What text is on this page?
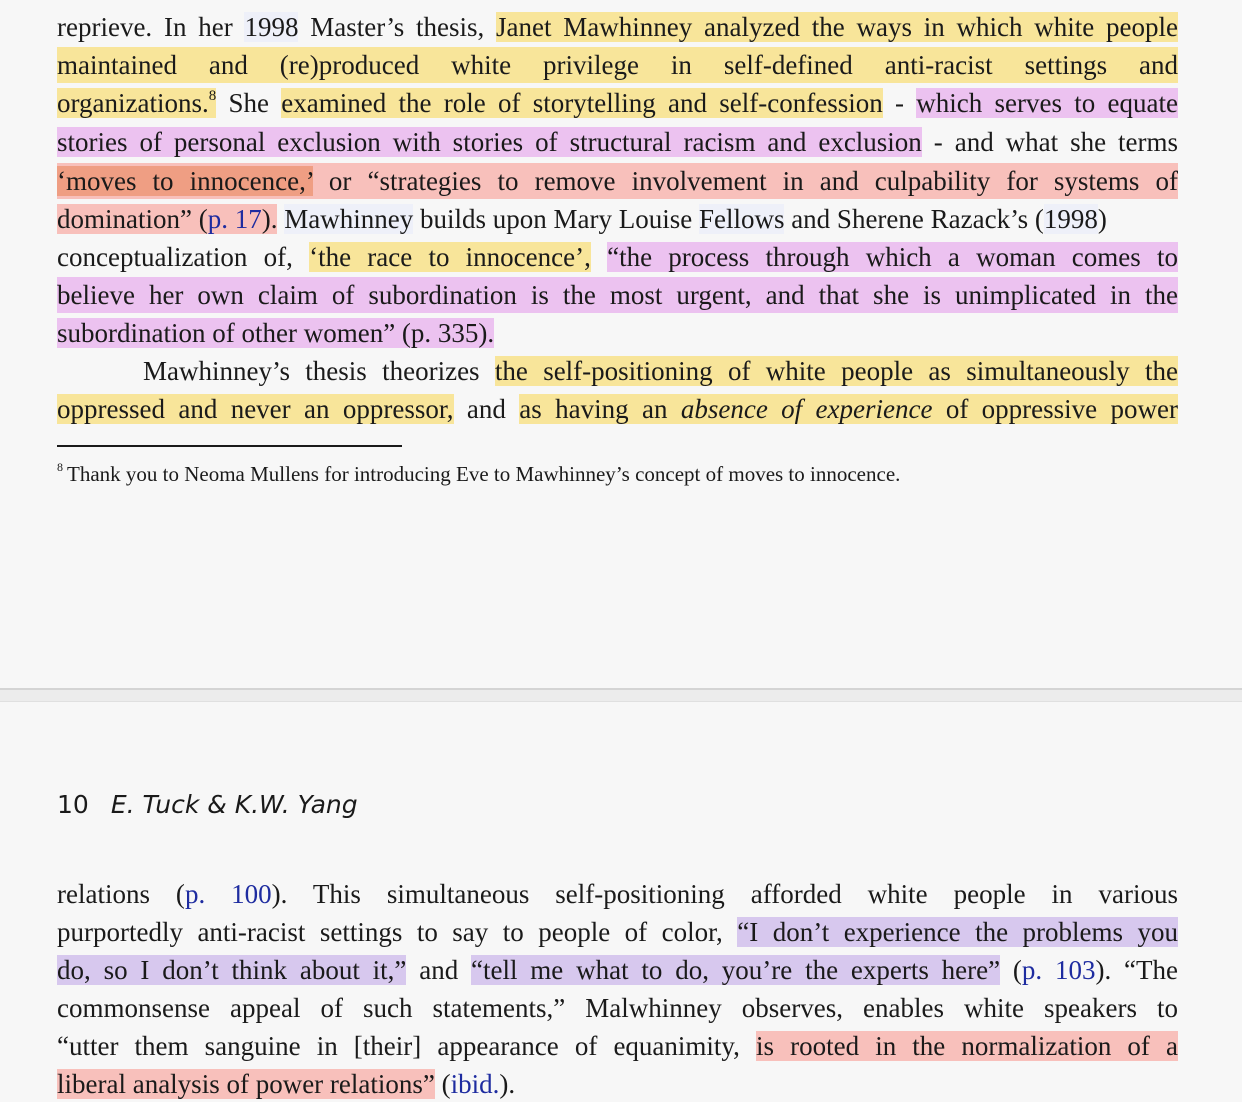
reprieve. In her 1998 Master’s thesis, Janet Mawhinney analyzed the ways in which white people
maintained and (re)produced white privilege in self-defined anti-racist settings and
organizations.$^8$ She examined the role of storytelling and self-confession - which serves to equate
stories of personal exclusion with stories of structural racism and exclusion - and what she terms
‘moves to innocence,’ or “strategies to remove involvement in and culpability for systems of
domination” (p. 17). Mawhinney builds upon Mary Louise Fellows and Sherene Razack’s (1998)
conceptualization of, ‘the race to innocence’, “the process through which a woman comes to
believe her own claim of subordination is the most urgent, and that she is unimplicated in the
subordination of other women” (p. 335).
Mawhinney’s thesis theorizes the self-positioning of white people as simultaneously the
oppressed and never an oppressor, and as having an absence of experience of oppressive power
$^8$ Thank you to Neoma Mullens for introducing Eve to Mawhinney’s concept of moves to innocence.
10 E. Tuck & K.W. Yang
relations (p. 100). This simultaneous self-positioning afforded white people in various
purportedly anti-racist settings to say to people of color, “I don’t experience the problems you
do, so I don’t think about it,” and “tell me what to do, you’re the experts here” (p. 103). “The
commonsense appeal of such statements,” Malwhinney observes, enables white speakers to
“utter them sanguine in [their] appearance of equanimity, is rooted in the normalization of a
liberal analysis of power relations” (ibid.).
